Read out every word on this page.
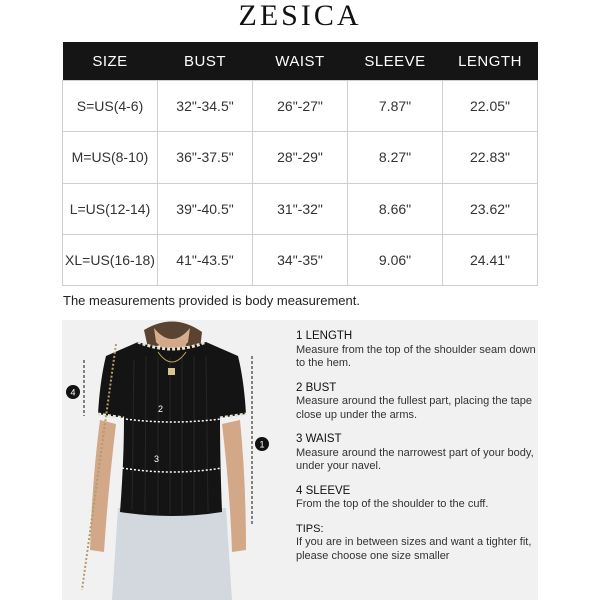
ZESICA
SIZE	BUST	WAIST	SLEEVE	LENGTH
S=US(4-6)	32"-34.5"	26"-27"	7.87"	22.05"
M=US(8-10)	36"-37.5"	28"-29"	8.27"	22.83"
L=US(12-14)	39"-40.5"	31"-32"	8.66"	23.62"
XL=US(16-18)	41"-43.5"	34"-35"	9.06"	24.41"
The measurements provided is body measurement.
2
3
1
4
1 LENGTH
Measure from the top of the shoulder seam down to the hem.
2 BUST
Measure around the fullest part, placing the tape close up under the arms.
3 WAIST
Measure around the narrowest part of your body, under your navel.
4 SLEEVE
From the top of the shoulder to the cuff.
TIPS:
If you are in between sizes and want a tighter fit, please choose one size smaller
